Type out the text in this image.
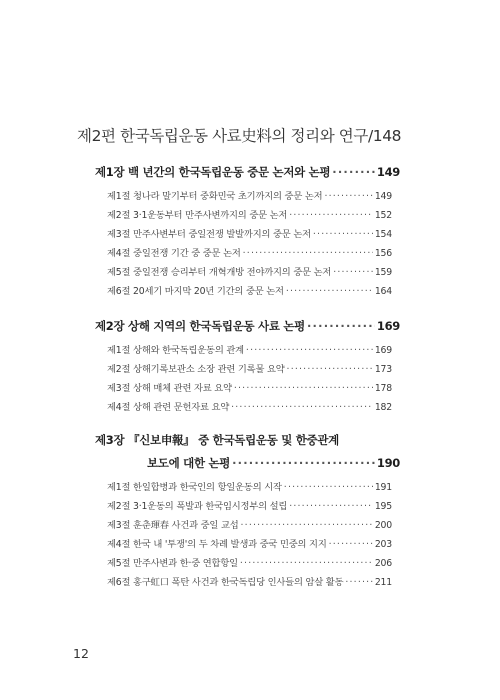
제2편 한국독립운동 사료史料의 정리와 연구/148
제1장 백 년간의 한국독립운동 중문 논저와 논평 ·····	149
제1절 청나라 말기부터 중화민국 초기까지의 중문 논저 ·····	149
제2절 3·1운동부터 만주사변까지의 중문 논저 ·····	152
제3절 만주사변부터 중일전쟁 발발까지의 중문 논저 ·····	154
제4절 중일전쟁 기간 중 중문 논저 ·····	156
제5절 중일전쟁 승리부터 개혁개방 전야까지의 중문 논저 ·····	159
제6절 20세기 마지막 20년 기간의 중문 논저 ·····	164
제2장 상해 지역의 한국독립운동 사료 논평 ·····	169
제1절 상해와 한국독립운동의 관계 ·····	169
제2절 상해기록보관소 소장 관련 기록물 요약 ·····	173
제3절 상해 매체 관련 자료 요약 ·····	178
제4절 상해 관련 문헌자료 요약 ·····	182
제3장 『신보申報』 중 한국독립운동 및 한중관계
보도에 대한 논평 ·····	190
제1절 한일합병과 한국인의 항일운동의 시작 ·····	191
제2절 3·1운동의 폭발과 한국임시정부의 설립 ·····	195
제3절 훈춘琿春 사건과 중일 교섭 ·····	200
제4절 한국 내 '투쟁'의 두 차례 발생과 중국 민중의 지지 ·····	203
제5절 만주사변과 한·중 연합항일 ·····	206
제6절 홍구虹口 폭탄 사건과 한국독립당 인사들의 암살 활동 ·····	211
12
